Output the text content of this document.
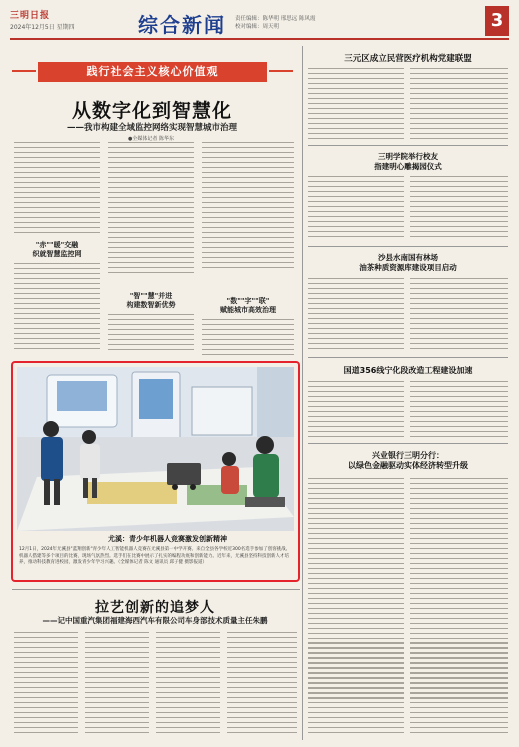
三明日报
2024年12月5日 星期四	综合新闻 责任编辑：陈华明 邢思远 陈风霞
校对编辑：周天明	3
践行社会主义核心价值观
从数字化到智慧化
——我市构建全域监控网络实现智慧城市治理
●全媒体记者 陈华东
"赤""暖"交融
织就智慧监控网
"智""慧"并进
构建数智新优势	"数""字""联"
赋能城市高效治理
尤溪：青少年机器人竞赛激发创新精神
12月1日，2024年尤溪县"蓝翔创新"青少年人工智能机器人竞赛在尤溪县第一中学开赛。来自全县各学校近300名选手参加了创客挑战、机器人搭建等多个项目的比赛，现场气氛热烈。选手们在比赛中展示了扎实的编程功底和创新能力。近年来，尤溪县坚持科技创新人才培养，推动科技教育进校园，激发青少年学习兴趣。（全媒体记者 陈文 通讯员 邱子健 摄影报道）
拉艺创新的追梦人
——记中国重汽集团福建海西汽车有限公司车身部技术质量主任朱鹏
三元区成立民营医疗机构党建联盟
三明学院举行校友
指建明心雕揭园仪式
沙县水南国有林场
油茶种质资源库建设项目启动
国道356线宁化段改造工程建设加速
兴业银行三明分行：
以绿色金融驱动实体经济转型升级
